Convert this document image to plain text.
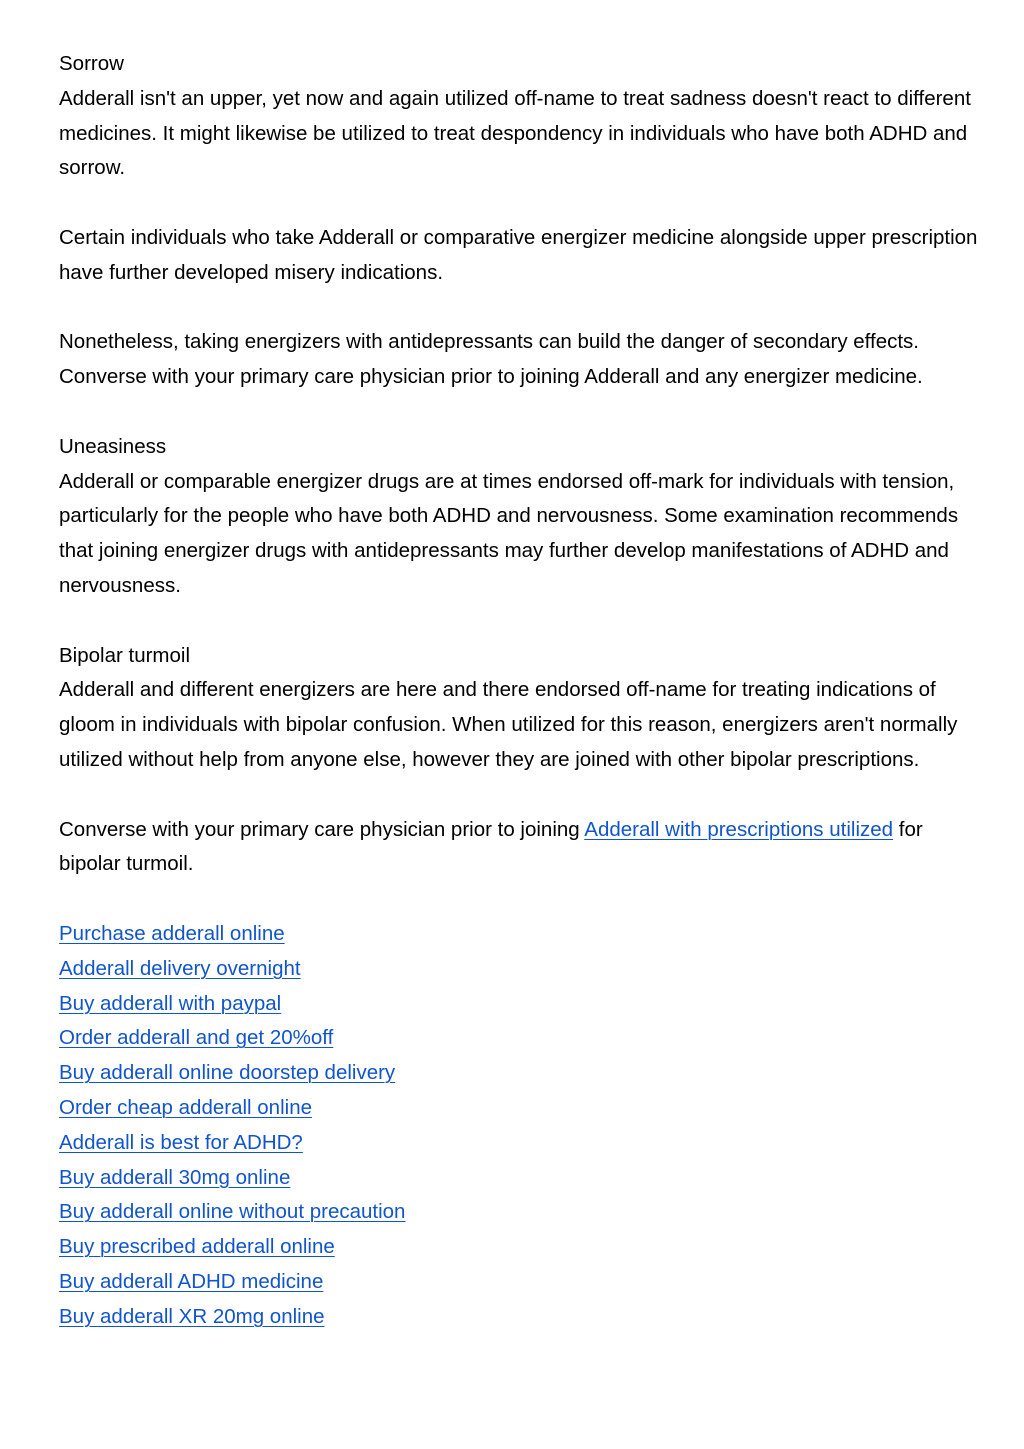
Sorrow

Adderall isn't an upper, yet now and again utilized off-name to treat sadness doesn't react to different medicines. It might likewise be utilized to treat despondency in individuals who have both ADHD and sorrow.

Certain individuals who take Adderall or comparative energizer medicine alongside upper prescription have further developed misery indications.

Nonetheless, taking energizers with antidepressants can build the danger of secondary effects. Converse with your primary care physician prior to joining Adderall and any energizer medicine.

Uneasiness

Adderall or comparable energizer drugs are at times endorsed off-mark for individuals with tension, particularly for the people who have both ADHD and nervousness. Some examination recommends that joining energizer drugs with antidepressants may further develop manifestations of ADHD and nervousness.

Bipolar turmoil

Adderall and different energizers are here and there endorsed off-name for treating indications of gloom in individuals with bipolar confusion. When utilized for this reason, energizers aren't normally utilized without help from anyone else, however they are joined with other bipolar prescriptions.

Converse with your primary care physician prior to joining Adderall with prescriptions utilized for bipolar turmoil.

Purchase adderall online
Adderall delivery overnight
Buy adderall with paypal
Order adderall and get 20%off
Buy adderall online doorstep delivery
Order cheap adderall online
Adderall is best for ADHD?
Buy adderall 30mg online
Buy adderall online without precaution
Buy prescribed adderall online
Buy adderall ADHD medicine
Buy adderall XR 20mg online
